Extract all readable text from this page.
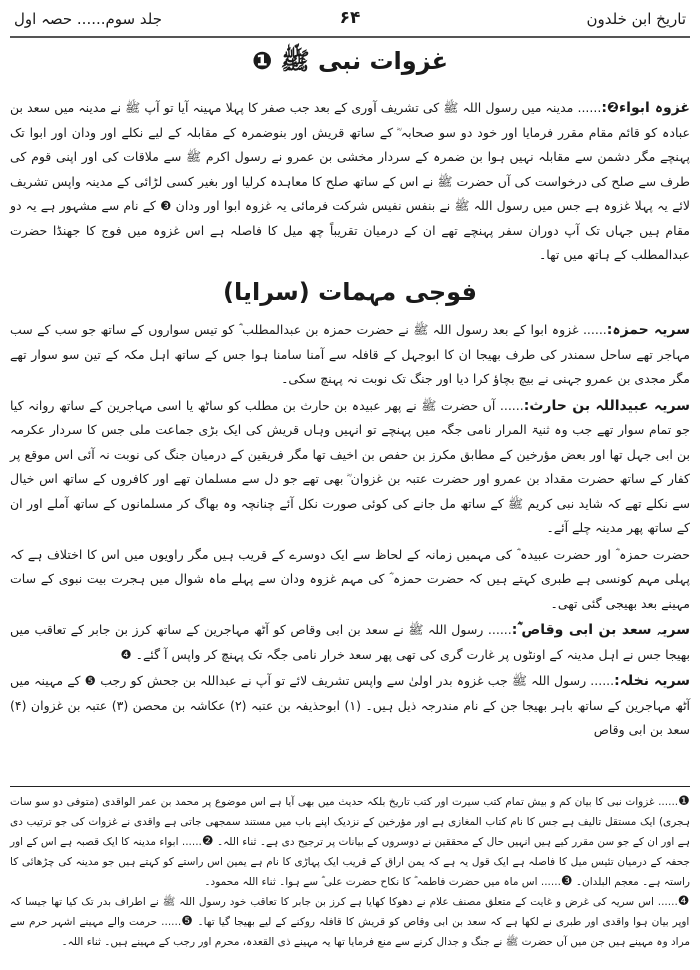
تاریخ ابن خلدون
۶۴
جلد سوم...... حصہ اول
غزوات نبی ﷺ ❶

غزوہ ابواء❷:...... مدینہ میں رسول اللہ ﷺ کی تشریف آوری کے بعد جب صفر کا پہلا مہینہ آیا تو آپ ﷺ نے مدینہ میں سعد بن عبادہ کو قائم مقام مقرر فرمایا اور خود دو سو صحابہ ؓ کے ساتھ قریش اور بنوضمرہ کے مقابلہ کے لیے نکلے اور ودان اور ابوا تک پہنچے مگر دشمن سے مقابلہ نہیں ہوا بن ضمرہ کے سردار مخشی بن عمرو نے رسول اکرم ﷺ سے ملاقات کی اور اپنی قوم کی طرف سے صلح کی درخواست کی آں حضرت ﷺ نے اس کے ساتھ صلح کا معاہدہ کرلیا اور بغیر کسی لڑائی کے مدینہ واپس تشریف لائے یہ پہلا غزوہ ہے جس میں رسول اللہ ﷺ نے بنفس نفیس شرکت فرمائی یہ غزوہ ابوا اور ودان ❸ کے نام سے مشہور ہے یہ دو مقام ہیں جہاں تک آپ دوران سفر پہنچے تھے ان کے درمیان تقریباً چھ میل کا فاصلہ ہے اس غزوہ میں فوج کا جھنڈا حضرت عبدالمطلب کے ہاتھ میں تھا۔

فوجی مہمات (سرایا)

سریہ حمزہ:...... غزوہ ابوا کے بعد رسول اللہ ﷺ نے حضرت حمزہ بن عبدالمطلب ؓ کو تیس سواروں کے ساتھ جو سب کے سب مہاجر تھے ساحل سمندر کی طرف بھیجا ان کا ابوجہل کے قافلہ سے آمنا سامنا ہوا جس کے ساتھ اہل مکہ کے تین سو سوار تھے مگر مجدی بن عمرو جہنی نے بیچ بچاؤ کرا دیا اور جنگ تک نوبت نہ پہنچ سکی۔

سریہ عبیداللہ بن حارث:...... آں حضرت ﷺ نے پھر عبیدہ بن حارث بن مطلب کو ساٹھ یا اسی مہاجرین کے ساتھ روانہ کیا جو تمام سوار تھے جب وہ ثنیۃ المرار نامی جگہ میں پہنچے تو انہیں وہاں قریش کی ایک بڑی جماعت ملی جس کا سردار عکرمہ بن ابی جہل تھا اور بعض مؤرخین کے مطابق مکرز بن حفص بن اخیف تھا مگر فریقین کے درمیان جنگ کی نوبت نہ آئی اس موقع پر کفار کے ساتھ حضرت مقداد بن عمرو اور حضرت عتبہ بن غزوان ؓ بھی تھے جو دل سے مسلمان تھے اور کافروں کے ساتھ اس خیال سے نکلے تھے کہ شاید نبی کریم ﷺ کے ساتھ مل جانے کی کوئی صورت نکل آئے چنانچہ وہ بھاگ کر مسلمانوں کے ساتھ آملے اور ان کے ساتھ پھر مدینہ چلے آئے۔

حضرت حمزہ ؓ اور حضرت عبیدہ ؓ کی مہمیں زمانہ کے لحاظ سے ایک دوسرے کے قریب ہیں مگر راویوں میں اس کا اختلاف ہے کہ پہلی مہم کونسی ہے طبری کہتے ہیں کہ حضرت حمزہ ؓ کی مہم غزوہ ودان سے پہلے ماہ شوال میں ہجرت بیت نبوی کے سات مہینے بعد بھیجی گئی تھی۔

سریہ سعد بن ابی وقاص ؓ:...... رسول اللہ ﷺ نے سعد بن ابی وقاص کو آٹھ مہاجرین کے ساتھ کرز بن جابر کے تعاقب میں بھیجا جس نے اہل مدینہ کے اونٹوں پر غارت گری کی تھی پھر سعد خرار نامی جگہ تک پہنچ کر واپس آ گئے۔ ❹

سریہ نخلہ:...... رسول اللہ ﷺ جب غزوہ بدر اولیٰ سے واپس تشریف لائے تو آپ نے عبداللہ بن جحش کو رجب ❺ کے مہینہ میں آٹھ مہاجرین کے ساتھ باہر بھیجا جن کے نام مندرجہ ذیل ہیں۔ (۱) ابوحذیفہ بن عتبہ (۲) عکاشہ بن محصن (۳) عتبہ بن غزوان (۴) سعد بن ابی وقاص

❶...... غزوات نبی کا بیان کم و بیش تمام کتب سیرت اور کتب تاریخ بلکہ حدیث میں بھی آیا ہے اس موضوع پر محمد بن عمر الواقدی (متوفی دو سو سات ہجری) ایک مستقل تالیف ہے جس کا نام کتاب المغازی ہے اور مؤرخین کے نزدیک اپنے باب میں مستند سمجھی جاتی ہے واقدی نے غزوات کی جو ترتیب دی ہے اور ان کے جو سن مقرر کیے ہیں انہیں حال کے محققین نے دوسروں کے بیانات پر ترجیح دی ہے۔ ثناء اللہ۔ ❷...... ابواء مدینہ کا ایک قصبہ ہے اس کے اور جحفہ کے درمیان تئیس میل کا فاصلہ ہے ایک قول یہ ہے کہ یمن اراق کے قریب ایک پہاڑی کا نام ہے یمین اس راستے کو کہتے ہیں جو مدینہ کی چڑھائی کا راستہ ہے۔ معجم البلدان۔ ❸...... اس ماہ میں حضرت فاطمہ ؓ کا نکاح حضرت علی ؓ سے ہوا۔ ثناء اللہ محمود۔

❹...... اس سریہ کی غرض و غایت کے متعلق مصنف علام نے دھوکا کھایا ہے کرز بن جابر کا تعاقب خود رسول اللہ ﷺ نے اطراف بدر تک کیا تھا جیسا کہ اوپر بیان ہوا واقدی اور طبری نے لکھا ہے کہ سعد بن ابی وقاص کو قریش کا قافلہ روکنے کے لیے بھیجا گیا تھا۔ ❺...... حرمت والے مہینے اشہر حرم سے مراد وہ مہینے ہیں جن میں آں حضرت ﷺ نے جنگ و جدال کرنے سے منع فرمایا تھا یہ مہینے ذی القعدہ، محرم اور رجب کے مہینے ہیں۔ ثناء اللہ۔
